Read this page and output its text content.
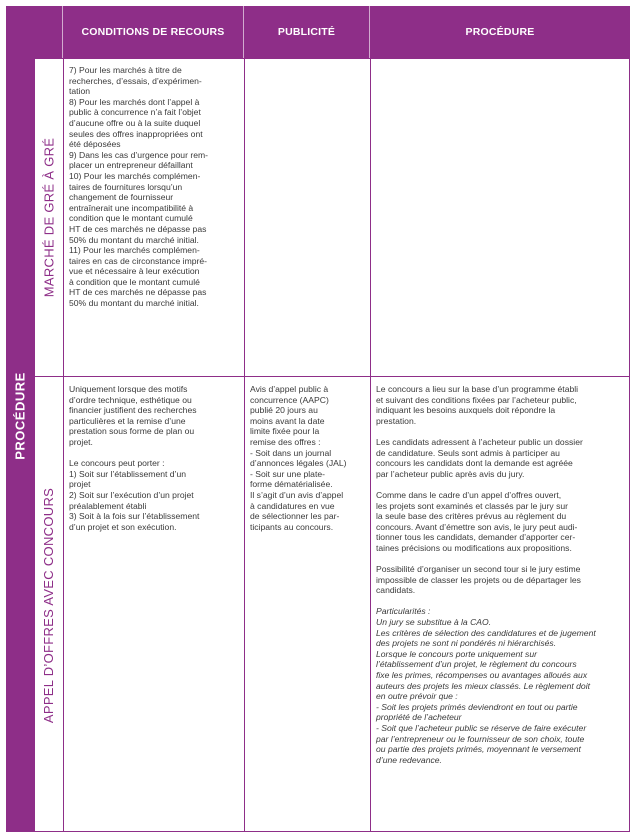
PROCÉDURE
CONDITIONS DE RECOURS	PUBLICITÉ	PROCÉDURE
MARCHÉ DE GRÉ À GRÉ

7) Pour les marchés à titre de
recherches, d’essais, d’expérimen-
tation
8) Pour les marchés dont l’appel à
public à concurrence n’a fait l’objet
d’aucune offre ou à la suite duquel
seules des offres inappropriées ont
été déposées
9) Dans les cas d’urgence pour rem-
placer un entrepreneur défaillant
10) Pour les marchés complémen-
taires de fournitures lorsqu’un
changement de fournisseur
entraînerait une incompatibilité à
condition que le montant cumulé
HT de ces marchés ne dépasse pas
50% du montant du marché initial.
11) Pour les marchés complémen-
taires en cas de circonstance impré-
vue et nécessaire à leur exécution
à condition que le montant cumulé
HT de ces marchés ne dépasse pas
50% du montant du marché initial.

APPEL D’OFFRES AVEC CONCOURS

Uniquement lorsque des motifs
d’ordre technique, esthétique ou
financier justifient des recherches
particulières et la remise d’une
prestation sous forme de plan ou
projet.

Le concours peut porter :
1) Soit sur l’établissement d’un
projet
2) Soit sur l’exécution d’un projet
préalablement établi
3) Soit à la fois sur l’établissement
d’un projet et son exécution.

Avis d’appel public à
concurrence (AAPC)
publié 20 jours au
moins avant la date
limite fixée pour la
remise des offres :
- Soit dans un journal
d’annonces légales (JAL)
- Soit sur une plate-
forme dématérialisée.
Il s’agit d’un avis d’appel
à candidatures en vue
de sélectionner les par-
ticipants au concours.

Le concours a lieu sur la base d’un programme établi
et suivant des conditions fixées par l’acheteur public,
indiquant les besoins auxquels doit répondre la
prestation.

Les candidats adressent à l’acheteur public un dossier
de candidature. Seuls sont admis à participer au
concours les candidats dont la demande est agréée
par l’acheteur public après avis du jury.

Comme dans le cadre d’un appel d’offres ouvert,
les projets sont examinés et classés par le jury sur
la seule base des critères prévus au règlement du
concours. Avant d’émettre son avis, le jury peut audi-
tionner tous les candidats, demander d’apporter cer-
taines précisions ou modifications aux propositions.

Possibilité d’organiser un second tour si le jury estime
impossible de classer les projets ou de départager les
candidats.

Particularités :
Un jury se substitue à la CAO.
Les critères de sélection des candidatures et de jugement
des projets ne sont ni pondérés ni hiérarchisés.
Lorsque le concours porte uniquement sur
l’établissement d’un projet, le règlement du concours
fixe les primes, récompenses ou avantages alloués aux
auteurs des projets les mieux classés. Le règlement doit
en outre prévoir que :
- Soit les projets primés deviendront en tout ou partie
propriété de l’acheteur
- Soit que l’acheteur public se réserve de faire exécuter
par l’entrepreneur ou le fournisseur de son choix, toute
ou partie des projets primés, moyennant le versement
d’une redevance.
